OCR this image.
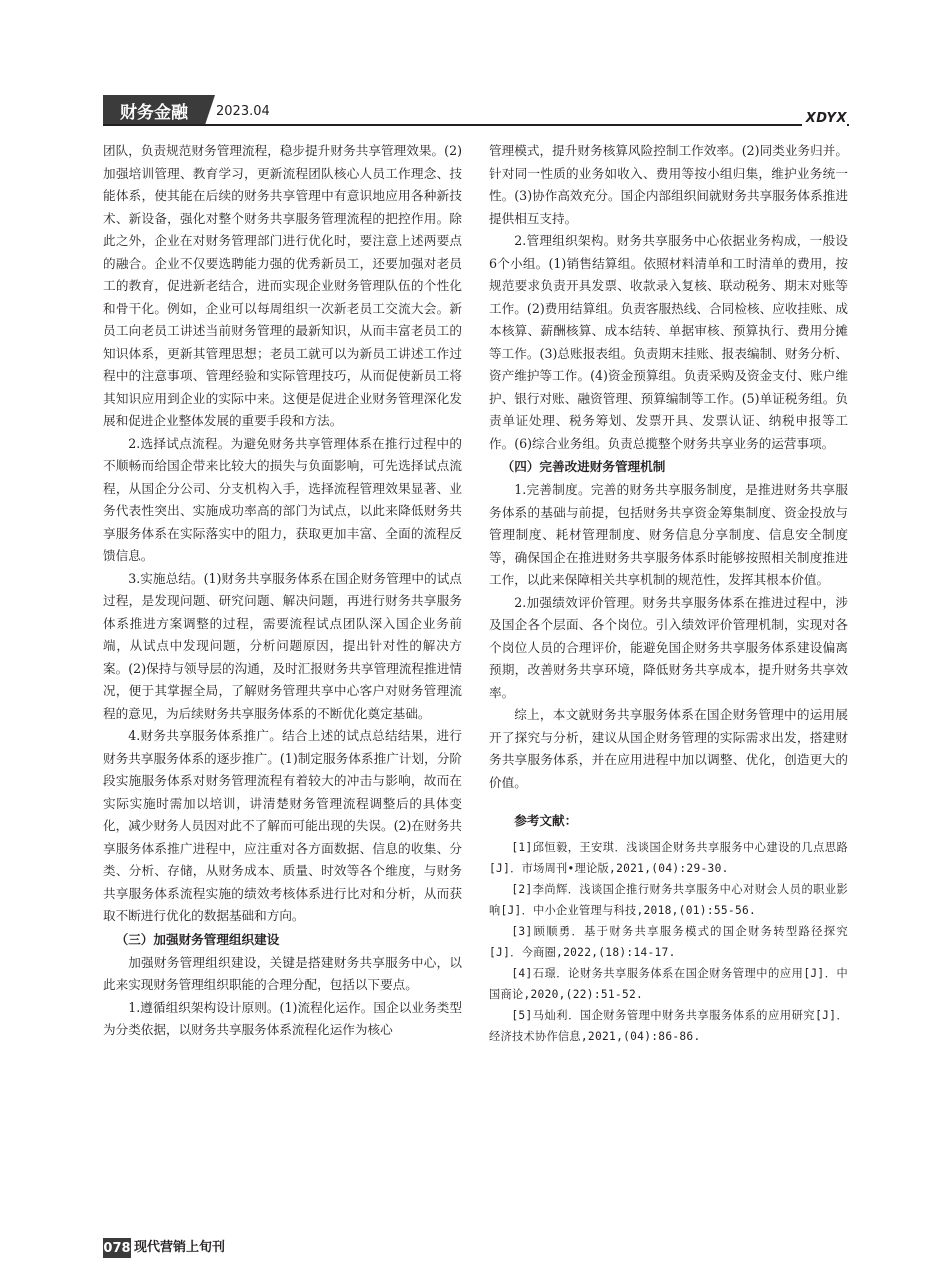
财务金融	2023.04	XDYX

团队，负责规范财务管理流程，稳步提升财务共享管理效果。(2)加强培训管理、教育学习，更新流程团队核心人员工作理念、技能体系，使其能在后续的财务共享管理中有意识地应用各种新技术、新设备，强化对整个财务共享服务管理流程的把控作用。除此之外，企业在对财务管理部门进行优化时，要注意上述两要点的融合。企业不仅要选聘能力强的优秀新员工，还要加强对老员工的教育，促进新老结合，进而实现企业财务管理队伍的个性化和骨干化。例如，企业可以每周组织一次新老员工交流大会。新员工向老员工讲述当前财务管理的最新知识，从而丰富老员工的知识体系，更新其管理思想；老员工就可以为新员工讲述工作过程中的注意事项、管理经验和实际管理技巧，从而促使新员工将其知识应用到企业的实际中来。这便是促进企业财务管理深化发展和促进企业整体发展的重要手段和方法。

2.选择试点流程。为避免财务共享管理体系在推行过程中的不顺畅而给国企带来比较大的损失与负面影响，可先选择试点流程，从国企分公司、分支机构入手，选择流程管理效果显著、业务代表性突出、实施成功率高的部门为试点，以此来降低财务共享服务体系在实际落实中的阻力，获取更加丰富、全面的流程反馈信息。

3.实施总结。(1)财务共享服务体系在国企财务管理中的试点过程，是发现问题、研究问题、解决问题，再进行财务共享服务体系推进方案调整的过程，需要流程试点团队深入国企业务前端，从试点中发现问题，分析问题原因，提出针对性的解决方案。(2)保持与领导层的沟通，及时汇报财务共享管理流程推进情况，便于其掌握全局，了解财务管理共享中心客户对财务管理流程的意见，为后续财务共享服务体系的不断优化奠定基础。

4.财务共享服务体系推广。结合上述的试点总结结果，进行财务共享服务体系的逐步推广。(1)制定服务体系推广计划，分阶段实施服务体系对财务管理流程有着较大的冲击与影响，故而在实际实施时需加以培训，讲清楚财务管理流程调整后的具体变化，减少财务人员因对此不了解而可能出现的失误。(2)在财务共享服务体系推广进程中，应注重对各方面数据、信息的收集、分类、分析、存储，从财务成本、质量、时效等各个维度，与财务共享服务体系流程实施的绩效考核体系进行比对和分析，从而获取不断进行优化的数据基础和方向。

（三）加强财务管理组织建设

加强财务管理组织建设，关键是搭建财务共享服务中心，以此来实现财务管理组织职能的合理分配，包括以下要点。

1.遵循组织架构设计原则。(1)流程化运作。国企以业务类型为分类依据，以财务共享服务体系流程化运作为核心

管理模式，提升财务核算风险控制工作效率。(2)同类业务归并。针对同一性质的业务如收入、费用等按小组归集，维护业务统一性。(3)协作高效充分。国企内部组织间就财务共享服务体系推进提供相互支持。

2.管理组织架构。财务共享服务中心依据业务构成，一般设6个小组。(1)销售结算组。依照材料清单和工时清单的费用，按规范要求负责开具发票、收款录入复核、联动税务、期末对账等工作。(2)费用结算组。负责客服热线、合同检核、应收挂账、成本核算、薪酬核算、成本结转、单据审核、预算执行、费用分摊等工作。(3)总账报表组。负责期末挂账、报表编制、财务分析、资产维护等工作。(4)资金预算组。负责采购及资金支付、账户维护、银行对账、融资管理、预算编制等工作。(5)单证税务组。负责单证处理、税务筹划、发票开具、发票认证、纳税申报等工作。(6)综合业务组。负责总揽整个财务共享业务的运营事项。

（四）完善改进财务管理机制

1.完善制度。完善的财务共享服务制度，是推进财务共享服务体系的基础与前提，包括财务共享资金筹集制度、资金投放与管理制度、耗材管理制度、财务信息分享制度、信息安全制度等，确保国企在推进财务共享服务体系时能够按照相关制度推进工作，以此来保障相关共享机制的规范性，发挥其根本价值。

2.加强绩效评价管理。财务共享服务体系在推进过程中，涉及国企各个层面、各个岗位。引入绩效评价管理机制，实现对各个岗位人员的合理评价，能避免国企财务共享服务体系建设偏离预期，改善财务共享环境，降低财务共享成本，提升财务共享效率。

综上，本文就财务共享服务体系在国企财务管理中的运用展开了探究与分析，建议从国企财务管理的实际需求出发，搭建财务共享服务体系，并在应用进程中加以调整、优化，创造更大的价值。

参考文献：

[1]邱恒毅，王安琪．浅谈国企财务共享服务中心建设的几点思路[J]．市场周刊•理论版,2021,(04):29-30.

[2]李尚辉．浅谈国企推行财务共享服务中心对财会人员的职业影响[J]．中小企业管理与科技,2018,(01):55-56.

[3]顾顺勇．基于财务共享服务模式的国企财务转型路径探究[J]．今商圈,2022,(18):14-17.

[4]石璟．论财务共享服务体系在国企财务管理中的应用[J]．中国商论,2020,(22):51-52.

[5]马灿利．国企财务管理中财务共享服务体系的应用研究[J]．经济技术协作信息,2021,(04):86-86.

078 现代营销上旬刊
